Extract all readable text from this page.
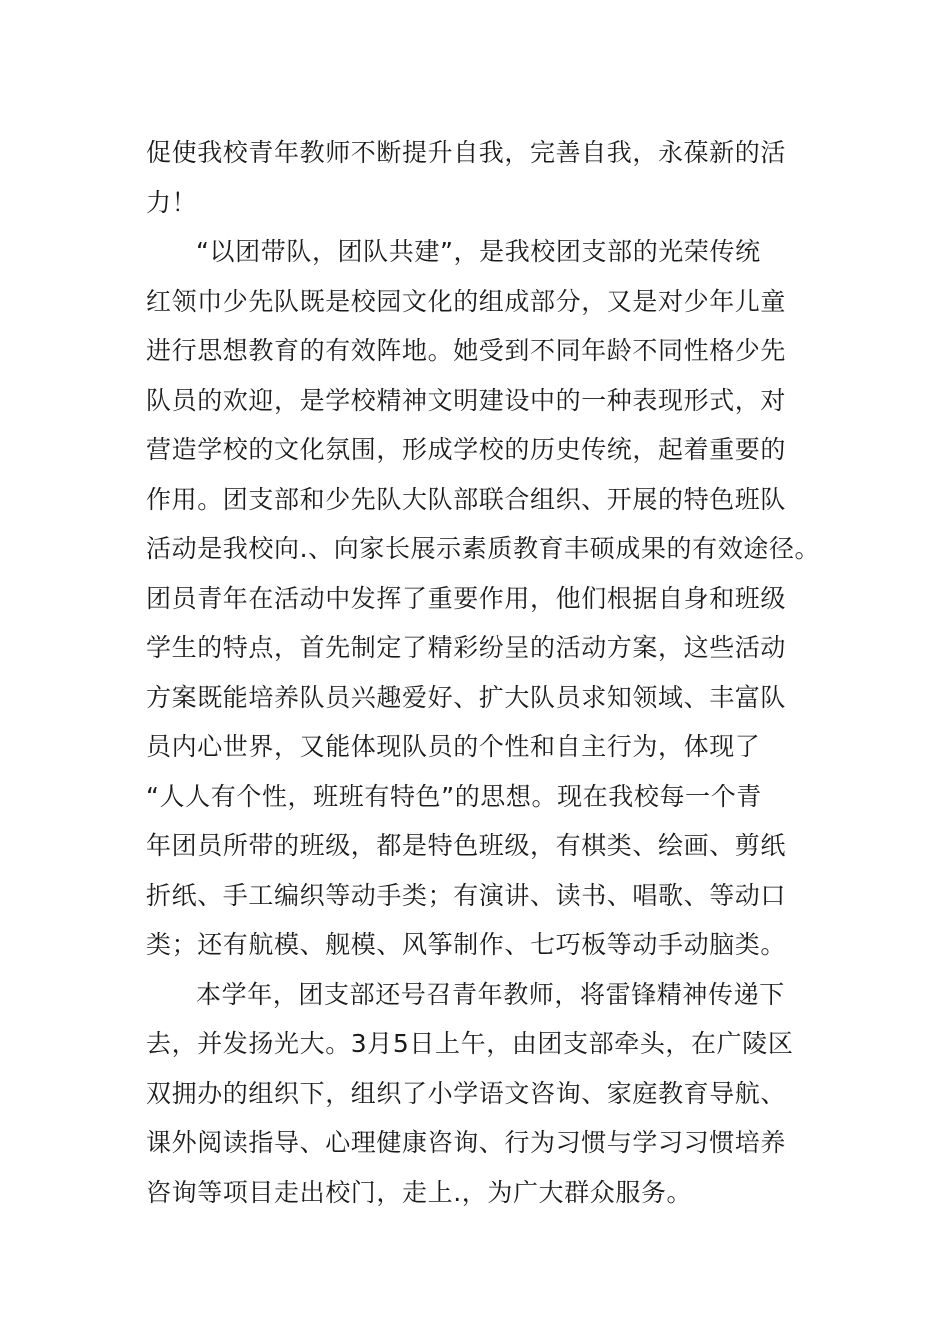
促使我校青年教师不断提升自我，完善自我，永葆新的活
力！
“以团带队，团队共建”，是我校团支部的光荣传统
红领巾少先队既是校园文化的组成部分，又是对少年儿童
进行思想教育的有效阵地。她受到不同年龄不同性格少先
队员的欢迎，是学校精神文明建设中的一种表现形式，对
营造学校的文化氛围，形成学校的历史传统，起着重要的
作用。团支部和少先队大队部联合组织、开展的特色班队
活动是我校向.、向家长展示素质教育丰硕成果的有效途径。
团员青年在活动中发挥了重要作用，他们根据自身和班级
学生的特点，首先制定了精彩纷呈的活动方案，这些活动
方案既能培养队员兴趣爱好、扩大队员求知领域、丰富队
员内心世界，又能体现队员的个性和自主行为，体现了
“人人有个性，班班有特色”的思想。现在我校每一个青
年团员所带的班级，都是特色班级，有棋类、绘画、剪纸
折纸、手工编织等动手类；有演讲、读书、唱歌、等动口
类；还有航模、舰模、风筝制作、七巧板等动手动脑类。
本学年，团支部还号召青年教师，将雷锋精神传递下
去，并发扬光大。3月5日上午，由团支部牵头，在广陵区
双拥办的组织下，组织了小学语文咨询、家庭教育导航、
课外阅读指导、心理健康咨询、行为习惯与学习习惯培养
咨询等项目走出校门，走上.，为广大群众服务。
